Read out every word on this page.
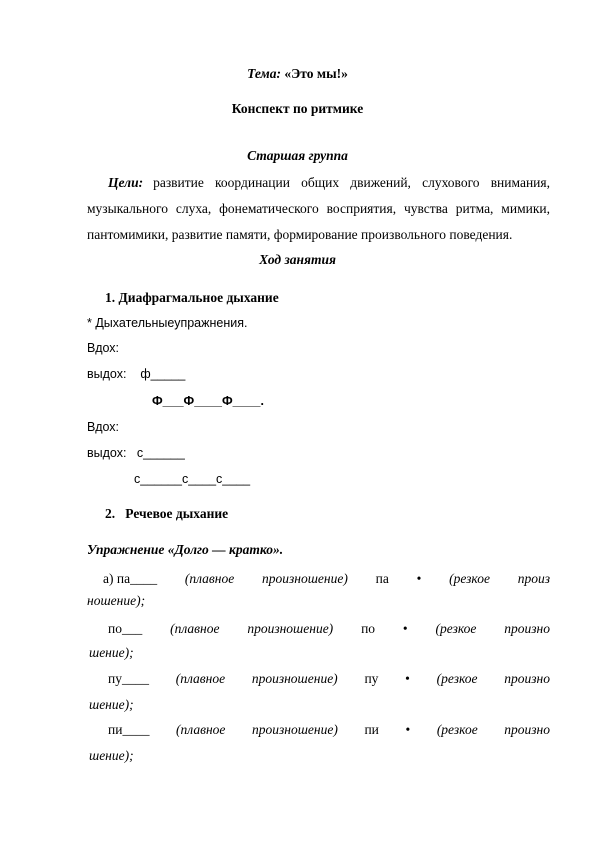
Тема: «Это мы!»
Конспект по ритмике
Старшая группа
Цели: развитие координации общих движений, слухового внимания,
музыкального слуха, фонематического восприятия, чувства ритма, мимики,
пантомимики, развитие памяти, формирование произвольного поведения.
Ход занятия
1. Диафрагмальное дыхание
* Дыхательныеупражнения.
Вдох:
выдох:    ф_____
Ф___Ф____Ф____.
Вдох:
выдох:   с______
с______с____с____
2.   Речевое дыхание
Упражнение «Долго — кратко».
а) па____ (плавное произношение) па • (резкое произ
ношение);
по___ (плавное произношение) по • (резкое произно
шение);
пу____ (плавное произношение) пу • (резкое произно
шение);
пи____ (плавное произношение) пи • (резкое произно
шение);
